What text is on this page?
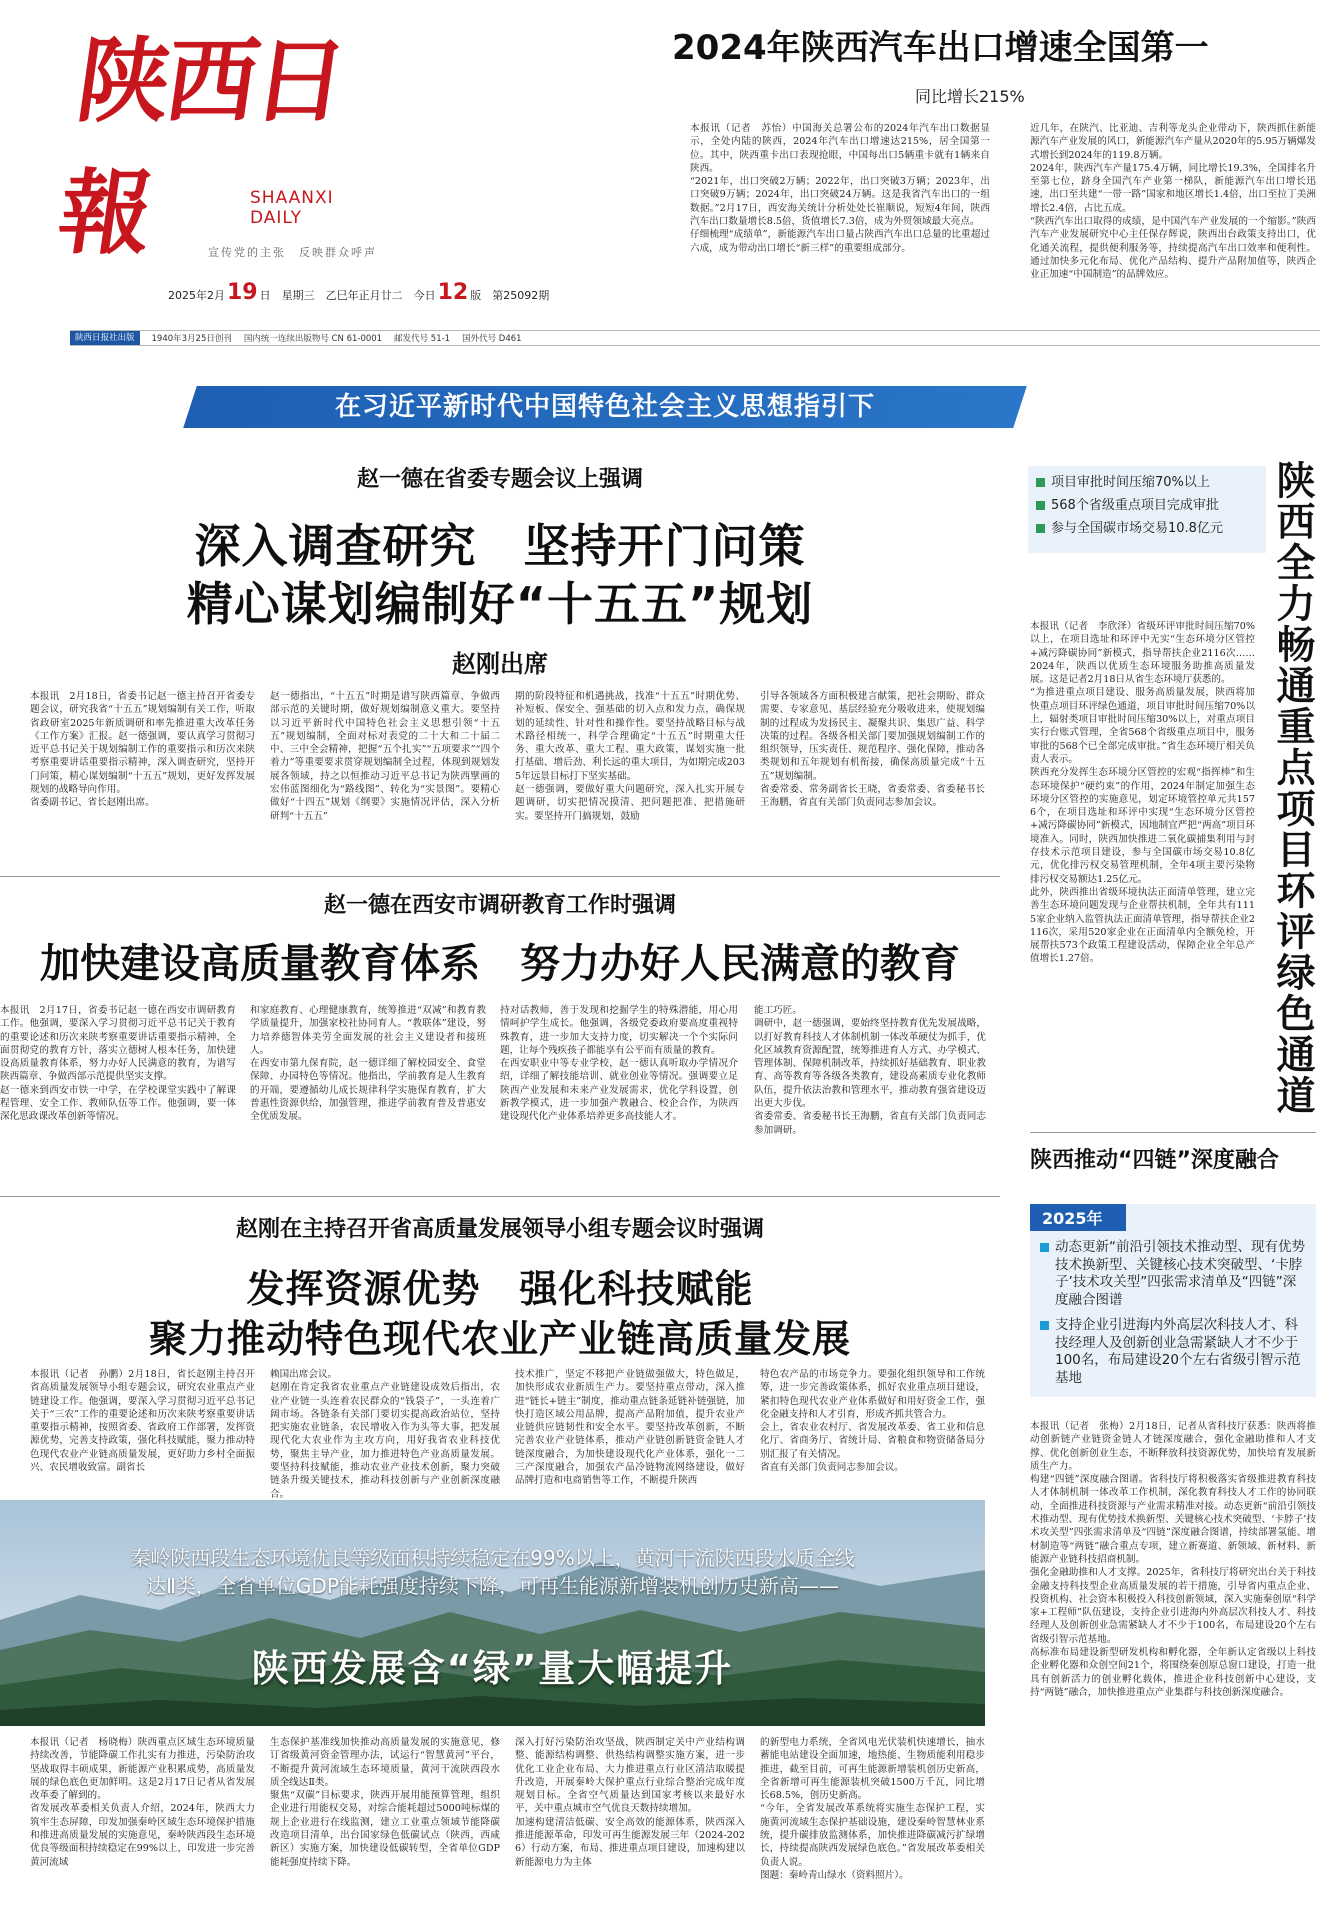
陕西日報	SHAANXI DAILY
宣传党的主张　反映群众呼声
2025年2月 19 日　星期三　乙巳年正月廿二　今日 12 版　第25092期
2024年陕西汽车出口增速全国第一
同比增长215%
本报讯（记者　苏怡）中国海关总署公布的2024年汽车出口数据显示，全处内陆的陕西，2024年汽车出口增速达215%，居全国第一位。其中，陕西重卡出口表现抢眼，中国每出口5辆重卡就有1辆来自陕西。
“2021年，出口突破2万辆；2022年，出口突破3万辆；2023年，出口突破9万辆；2024年，出口突破24万辆。这是我省汽车出口的一组数据。”2月17日，西安海关统计分析处处长崔顺说，短短4年间，陕西汽车出口数量增长8.5倍，货值增长7.3倍，成为外贸领域最大亮点。
仔细梳理“成绩单”，新能源汽车出口量占陕西汽车出口总量的比重超过六成，成为带动出口增长“新三样”的重要组成部分。
近几年，在陕汽、比亚迪、吉利等龙头企业带动下，陕西抓住新能源汽车产业发展的风口，新能源汽车产量从2020年的5.95万辆爆发式增长到2024年的119.8万辆。
2024年，陕西汽车产量175.4万辆，同比增长19.3%，全国排名升至第七位，跻身全国汽车产业第一梯队，新能源汽车出口增长迅速，出口至共建“一带一路”国家和地区增长1.4倍，出口至拉丁美洲增长2.4倍，占比五成。
“陕西汽车出口取得的成绩，是中国汽车产业发展的一个缩影。”陕西汽车产业发展研究中心主任保存辉说，陕西出台政策支持出口，优化通关流程，提供便利服务等，持续提高汽车出口效率和便利性。通过加快多元化布局、优化产品结构、提升产品附加值等，陕西企业正加速“中国制造”的品牌效应。
陕西日报社出版	1940年3月25日创刊 国内统一连续出版物号 CN 61-0001 邮发代号 51-1 国外代号 D461
在习近平新时代中国特色社会主义思想指引下
赵一德在省委专题会议上强调
深入调查研究　坚持开门问策
精心谋划编制好“十五五”规划
赵刚出席
本报讯　2月18日，省委书记赵一德主持召开省委专题会议，研究我省“十五五”规划编制有关工作，听取省政研室2025年新质调研和率先推进重大改革任务《工作方案》汇报。赵一德强调，要认真学习贯彻习近平总书记关于规划编制工作的重要指示和历次来陕考察重要讲话重要指示精神，深入调查研究，坚持开门问策，精心谋划编制“十五五”规划，更好发挥发展规划的战略导向作用。
省委副书记、省长赵刚出席。
赵一德指出，“十五五”时期是谱写陕西篇章、争做西部示范的关键时期，做好规划编制意义重大。要坚持以习近平新时代中国特色社会主义思想引领“十五五”规划编制，全面对标对表党的二十大和二十届二中、三中全会精神，把握“五个扎实”“五项要求”“四个着力”等重要要求贯穿规划编制全过程，体现到规划发展各领域，持之以恒推动习近平总书记为陕西擘画的宏伟蓝图细化为“路线图”、转化为“实景图”。要精心做好“十四五”规划《纲要》实施情况评估，深入分析研判“十五五”
期的阶段特征和机遇挑战，找准“十五五”时期优势、补短板、保安全、强基础的切入点和发力点，确保规划的延续性、针对性和操作性。要坚持战略目标与战术路径相统一，科学合理确定“十五五”时期重大任务、重大改革、重大工程、重大政策，谋划实施一批打基础、增后劲、利长远的重大项目，为如期完成2035年远景目标打下坚实基础。
赵一德强调，要做好重大问题研究，深入扎实开展专题调研，切实把情况摸清、把问题把准、把措施研实。要坚持开门搞规划，鼓励
引导各领域各方面积极建言献策，把社会期盼、群众需要、专家意见、基层经验充分吸收进来，使规划编制的过程成为发扬民主、凝聚共识、集思广益、科学决策的过程。各级各相关部门要加强规划编制工作的组织领导，压实责任、规范程序、强化保障，推动各类规划和五年规划有机衔接，确保高质量完成“十五五”规划编制。
省委常委、常务副省长王晓，省委常委、省委秘书长王海鹏，省直有关部门负责同志参加会议。
赵一德在西安市调研教育工作时强调
加快建设高质量教育体系　努力办好人民满意的教育
本报讯　2月17日，省委书记赵一德在西安市调研教育工作。他强调，要深入学习贯彻习近平总书记关于教育的重要论述和历次来陕考察重要讲话重要指示精神，全面贯彻党的教育方针，落实立德树人根本任务，加快建设高质量教育体系，努力办好人民满意的教育，为谱写陕西篇章、争做西部示范提供坚实支撑。
赵一德来到西安市铁一中学，在学校课堂实践中了解课程管理、安全工作、教师队伍等工作。他强调，要一体深化思政课改革创新等情况。
和家庭教育、心理健康教育，统筹推进“双减”和教育教学质量提升，加强家校社协同育人。“教联体”建设，努力培养德智体美劳全面发展的社会主义建设者和接班人。
在西安市第九保育院，赵一德详细了解校园安全、食堂保障、办园特色等情况。他指出，学前教育是人生教育的开端，要遵循幼儿成长规律科学实施保育教育，扩大普惠性资源供给，加强管理，推进学前教育普及普惠安全优质发展。
持对话教师，善于发现和挖掘学生的特殊潜能，用心用情呵护学生成长。他强调，各级党委政府要高度重视特殊教育，进一步加大支持力度，切实解决一个个实际问题，让每个残疾孩子都能享有公平而有质量的教育。
在西安职业中等专业学校，赵一德认真听取办学情况介绍，详细了解技能培训、就业创业等情况。强调要立足陕西产业发展和未来产业发展需求，优化学科设置，创新教学模式，进一步加强产教融合、校企合作，为陕西建设现代化产业体系培养更多高技能人才。
能工巧匠。
调研中，赵一德强调，要始终坚持教育优先发展战略，以打好教育科技人才体制机制一体改革硬仗为抓手，优化区域教育资源配置，统筹推进育人方式、办学模式、管理体制、保障机制改革，持续抓好基础教育、职业教育、高等教育等各级各类教育，建设高素质专业化教师队伍，提升依法治教和管理水平，推动教育强省建设迈出更大步伐。
省委常委、省委秘书长王海鹏，省直有关部门负责同志参加调研。
赵刚在主持召开省高质量发展领导小组专题会议时强调
发挥资源优势　强化科技赋能
聚力推动特色现代农业产业链高质量发展
本报讯（记者　孙鹏）2月18日，省长赵刚主持召开省高质量发展领导小组专题会议，研究农业重点产业链建设工作。他强调，要深入学习贯彻习近平总书记关于“三农”工作的重要论述和历次来陕考察重要讲话重要指示精神，按照省委、省政府工作部署，发挥资源优势，完善支持政策，强化科技赋能，聚力推动特色现代农业产业链高质量发展，更好助力乡村全面振兴、农民增收致富。副省长
赖国出席会议。
赵刚在肯定我省农业重点产业链建设成效后指出，农业产业链一头连着农民群众的“钱袋子”，一头连着广阔市场。各链条有关部门要切实提高政治站位，坚持把实施农业链条，农民增收入作为头等大事，把发展现代化大农业作为主攻方向，用好我省农业科技优势，聚焦主导产业，加力推进特色产业高质量发展。要坚持科技赋能，推动农业产业技术创新，聚力突破链条升级关键技术，推动科技创新与产业创新深度融合。
技术推广，坚定不移把产业链做强做大，特色做足，加快形成农业新质生产力。要坚持重点带动，深入推进“链长+链主”制度，推动重点链条延链补链强链，加快打造区域公用品牌，提高产品附加值，提升农业产业链供应链韧性和安全水平。要坚持改革创新，不断完善农业产业链体系，推动产业链创新链资金链人才链深度融合，为加快建设现代化产业体系，强化一二三产深度融合，加强农产品冷链物流网络建设，做好品牌打造和电商销售等工作，不断提升陕西
特色农产品的市场竞争力。要强化组织领导和工作统筹，进一步完善政策体系，抓好农业重点项目建设，紧扣特色现代农业产业体系做好和用好资金工作，强化金融支持和人才引育，形成齐抓共管合力。
会上，省农业农村厅、省发展改革委、省工业和信息化厅、省商务厅、省统计局、省粮食和物资储备局分别汇报了有关情况。
省直有关部门负责同志参加会议。
秦岭陕西段生态环境优良等级面积持续稳定在99%以上，黄河干流陕西段水质全线
达Ⅱ类，全省单位GDP能耗强度持续下降，可再生能源新增装机创历史新高——
陕西发展含“绿”量大幅提升
本报讯（记者　杨晓梅）陕西重点区域生态环境质量持续改善，节能降碳工作扎实有力推进，污染防治攻坚战取得丰硕成果，新能源产业积累成势，高质量发展的绿色底色更加鲜明。这是2月17日记者从省发展改革委了解到的。
省发展改革委相关负责人介绍，2024年，陕西大力筑牢生态屏障，印发加强秦岭区域生态环境保护措施和推进高质量发展的实施意见，秦岭陕西段生态环境优良等级面积持续稳定在99%以上，印发进一步完善黄河流域
生态保护基准线加快推动高质量发展的实施意见，修订省级黄河资金管理办法，试运行“智慧黄河”平台，不断提升黄河流域生态环境质量，黄河干流陕西段水质全线达Ⅱ类。
聚焦“双碳”目标要求，陕西开展用能预算管理，组织企业进行用能权交易，对综合能耗超过5000吨标煤的规上企业进行在线监测，建立工业重点领域节能降碳改造项目清单，出台国家绿色低碳试点（陕西，西咸新区）实施方案，加快建设低碳转型，全省单位GDP能耗强度持续下降。
深入打好污染防治攻坚战，陕西制定关中产业结构调整、能源结构调整、供热结构调整实施方案，进一步优化工业企业布局、大力推进重点行业区清洁取暖提升改造，开展秦岭大保护重点行业综合整治完成年度规划目标。全省空气质量达到国家考核以来最好水平，关中重点城市空气优良天数持续增加。
加速构建清洁低碳、安全高效的能源体系，陕西深入推进能源革命，印发可再生能源发展三年（2024-2026）行动方案，布局、推进重点项目建设，加速构建以新能源电力为主体
的新型电力系统，全省风电光伏装机快速增长，抽水蓄能电站建设全面加速，地热能、生物质能利用稳步推进，截至目前，可再生能源新增装机创历史新高，全省新增可再生能源装机突破1500万千瓦，同比增长68.5%，创历史新高。
“今年，全省发展改革系统将实施生态保护工程，实施黄河流域生态保护基础设施，建设秦岭智慧林业系统，提升碳排放监测体系，加快推进降碳减污扩绿增长，持续提高陕西发展绿色底色。”省发展改革委相关负责人说。
图题：秦岭青山绿水（资料照片）。
项目审批时间压缩70%以上
568个省级重点项目完成审批
参与全国碳市场交易10.8亿元	陕西全力畅通重点项目环评绿色通道
本报讯（记者　李欣泽）省级环评审批时间压缩70%以上，在项目选址和环评中无实“生态环境分区管控+减污降碳协同”新模式，指导帮扶企业2116次……2024年，陕西以优质生态环境服务助推高质量发展。这是记者2月18日从省生态环境厅获悉的。
“为推进重点项目建设、服务高质量发展，陕西将加快重点项目环评绿色通道，项目审批时间压缩70%以上，辐射类项目审批时间压缩30%以上，对重点项目实行台账式管理，全省568个省级重点项目中，服务审批的568个已全部完成审批。”省生态环境厅相关负责人表示。
陕西充分发挥生态环境分区管控的宏观“指挥棒”和生态环境保护“硬约束”的作用，2024年制定加强生态环境分区管控的实施意见，划定环境管控单元共1576个，在项目选址和环评中实现“生态环境分区管控+减污降碳协同”新模式，因地制宜严把“两高”项目环境准入。同时，陕西加快推进二氧化碳捕集利用与封存技术示范项目建设，参与全国碳市场交易10.8亿元，优化排污权交易管理机制，全年4项主要污染物排污权交易额达1.25亿元。
此外，陕西推出省级环境执法正面清单管理，建立完善生态环境问题发现与企业帮扶机制，全年共有1115家企业纳入监管执法正面清单管理，指导帮扶企业2116次，采用520家企业在正面清单内全额免检，开展帮扶573个政策工程建设活动，保障企业全年总产值增长1.27倍。
陕西推动“四链”深度融合
2025年
动态更新“前沿引领技术推动型、现有优势技术换新型、关键核心技术突破型、‘卡脖子’技术攻关型”四张需求清单及“四链”深度融合图谱
支持企业引进海内外高层次科技人才、科技经理人及创新创业急需紧缺人才不少于100名，布局建设20个左右省级引智示范基地
本报讯（记者　张梅）2月18日，记者从省科技厅获悉：陕西将推动创新链产业链资金链人才链深度融合，强化金融助推和人才支撑、优化创新创业生态，不断释放科技资源优势，加快培育发展新质生产力。
构建“四链”深度融合图谱。省科技厅将积极落实省级推进教育科技人才体制机制一体改革工作机制，深化教育科技人才工作的协同联动，全面推进科技资源与产业需求精准对接。动态更新“前沿引领技术推动型、现有优势技术换新型、关键核心技术突破型、‘卡脖子’技术攻关型”四张需求清单及“四链”深度融合图谱，持续部署氢能、增材制造等“两链”融合重点专项，建立新赛道、新领域、新材料、新能源产业链科技招商机制。
强化金融助推和人才支撑。2025年，省科技厅将研究出台关于科技金融支持科技型企业高质量发展的若干措施，引导省内重点企业、投资机构、社会资本积极投入科技创新领域，深入实施秦创原“科学家+工程师”队伍建设，支持企业引进海内外高层次科技人才、科技经理人及创新创业急需紧缺人才不少于100名，布局建设20个左右省级引智示范基地。
高标准布局建设新型研发机构和孵化器，全年新认定省级以上科技企业孵化器和众创空间21个，将围绕秦创原总窗口建设，打造一批具有创新活力的创业孵化载体，推进企业科技创新中心建设，支持“两链”融合，加快推进重点产业集群与科技创新深度融合。
